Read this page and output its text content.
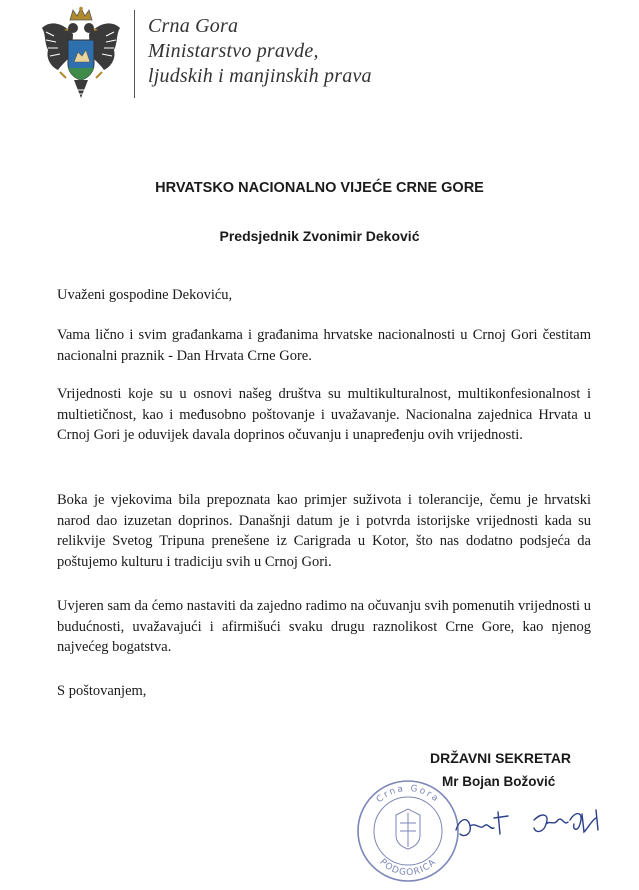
Crna Gora
Ministarstvo pravde,
ljudskih i manjinskih prava
HRVATSKO NACIONALNO VIJEĆE CRNE GORE
Predsjednik Zvonimir Deković

Uvaženi gospodine Dekoviću,

Vama lično i svim građankama i građanima hrvatske nacionalnosti u Crnoj Gori čestitam nacionalni praznik - Dan Hrvata Crne Gore.

Vrijednosti koje su u osnovi našeg društva su multikulturalnost, multikonfesionalnost i multietičnost, kao i međusobno poštovanje i uvažavanje. Nacionalna zajednica Hrvata u Crnoj Gori je oduvijek davala doprinos očuvanju i unapređenju ovih vrijednosti.

Boka je vjekovima bila prepoznata kao primjer suživota i tolerancije, čemu je hrvatski narod dao izuzetan doprinos. Današnji datum je i potvrda istorijske vrijednosti kada su relikvije Svetog Tripuna prenešene iz Carigrada u Kotor, što nas dodatno podsjeća da poštujemo kulturu i tradiciju svih u Crnoj Gori.

Uvjeren sam da ćemo nastaviti da zajedno radimo na očuvanju svih pomenutih vrijednosti u budućnosti, uvažavajući i afirmišući svaku drugu raznolikost Crne Gore, kao njenog najvećeg bogatstva.

S poštovanjem,

Crna Gora
PODGORICA
DRŽAVNI SEKRETAR
Mr Bojan Božović
